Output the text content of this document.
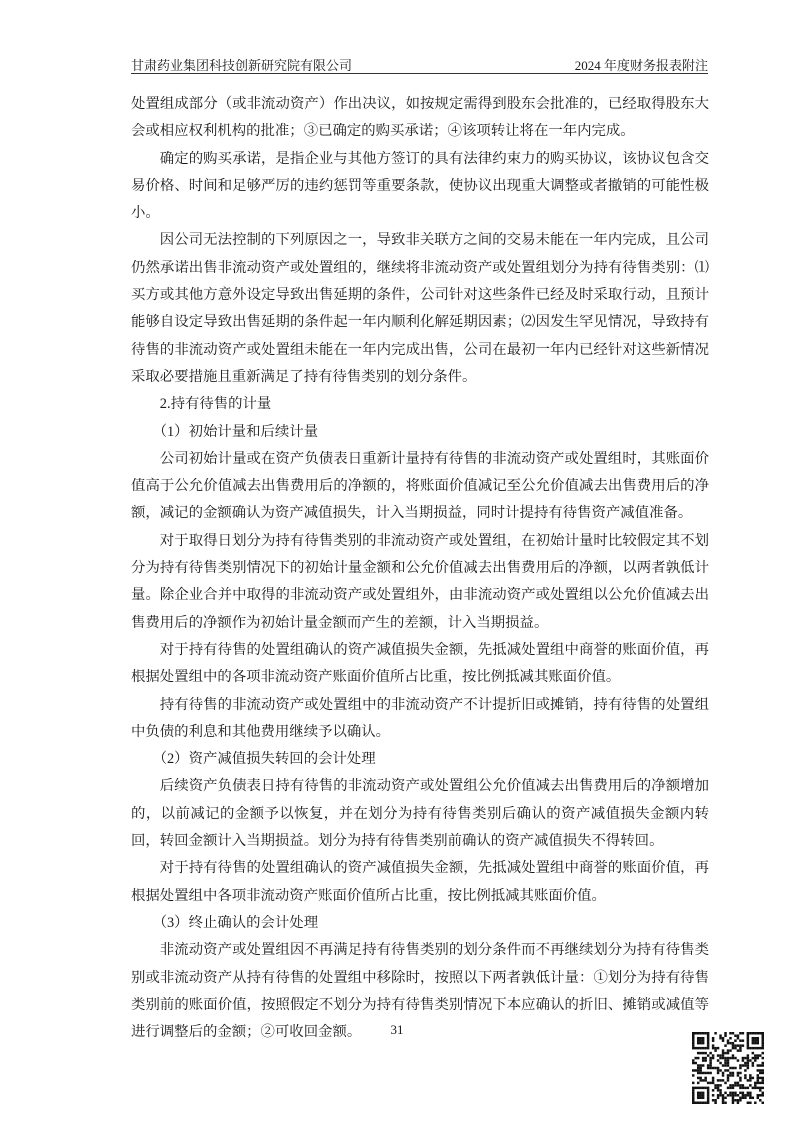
甘肃药业集团科技创新研究院有限公司	2024 年度财务报表附注

处置组成部分（或非流动资产）作出决议，如按规定需得到股东会批准的，已经取得股东大会或相应权利机构的批准；③已确定的购买承诺；④该项转让将在一年内完成。

确定的购买承诺，是指企业与其他方签订的具有法律约束力的购买协议，该协议包含交易价格、时间和足够严厉的违约惩罚等重要条款，使协议出现重大调整或者撤销的可能性极小。

因公司无法控制的下列原因之一，导致非关联方之间的交易未能在一年内完成，且公司仍然承诺出售非流动资产或处置组的，继续将非流动资产或处置组划分为持有待售类别：⑴买方或其他方意外设定导致出售延期的条件，公司针对这些条件已经及时采取行动，且预计能够自设定导致出售延期的条件起一年内顺利化解延期因素；⑵因发生罕见情况，导致持有待售的非流动资产或处置组未能在一年内完成出售，公司在最初一年内已经针对这些新情况采取必要措施且重新满足了持有待售类别的划分条件。

2.持有待售的计量

（1）初始计量和后续计量

公司初始计量或在资产负债表日重新计量持有待售的非流动资产或处置组时，其账面价值高于公允价值减去出售费用后的净额的，将账面价值减记至公允价值减去出售费用后的净额，减记的金额确认为资产减值损失，计入当期损益，同时计提持有待售资产减值准备。

对于取得日划分为持有待售类别的非流动资产或处置组，在初始计量时比较假定其不划分为持有待售类别情况下的初始计量金额和公允价值减去出售费用后的净额，以两者孰低计量。除企业合并中取得的非流动资产或处置组外，由非流动资产或处置组以公允价值减去出售费用后的净额作为初始计量金额而产生的差额，计入当期损益。

对于持有待售的处置组确认的资产减值损失金额，先抵减处置组中商誉的账面价值，再根据处置组中的各项非流动资产账面价值所占比重，按比例抵减其账面价值。

持有待售的非流动资产或处置组中的非流动资产不计提折旧或摊销，持有待售的处置组中负债的利息和其他费用继续予以确认。

（2）资产减值损失转回的会计处理

后续资产负债表日持有待售的非流动资产或处置组公允价值减去出售费用后的净额增加的，以前减记的金额予以恢复，并在划分为持有待售类别后确认的资产减值损失金额内转回，转回金额计入当期损益。划分为持有待售类别前确认的资产减值损失不得转回。

对于持有待售的处置组确认的资产减值损失金额，先抵减处置组中商誉的账面价值，再根据处置组中各项非流动资产账面价值所占比重，按比例抵减其账面价值。

（3）终止确认的会计处理

非流动资产或处置组因不再满足持有待售类别的划分条件而不再继续划分为持有待售类别或非流动资产从持有待售的处置组中移除时，按照以下两者孰低计量：①划分为持有待售类别前的账面价值，按照假定不划分为持有待售类别情况下本应确认的折旧、摊销或减值等进行调整后的金额；②可收回金额。	31
